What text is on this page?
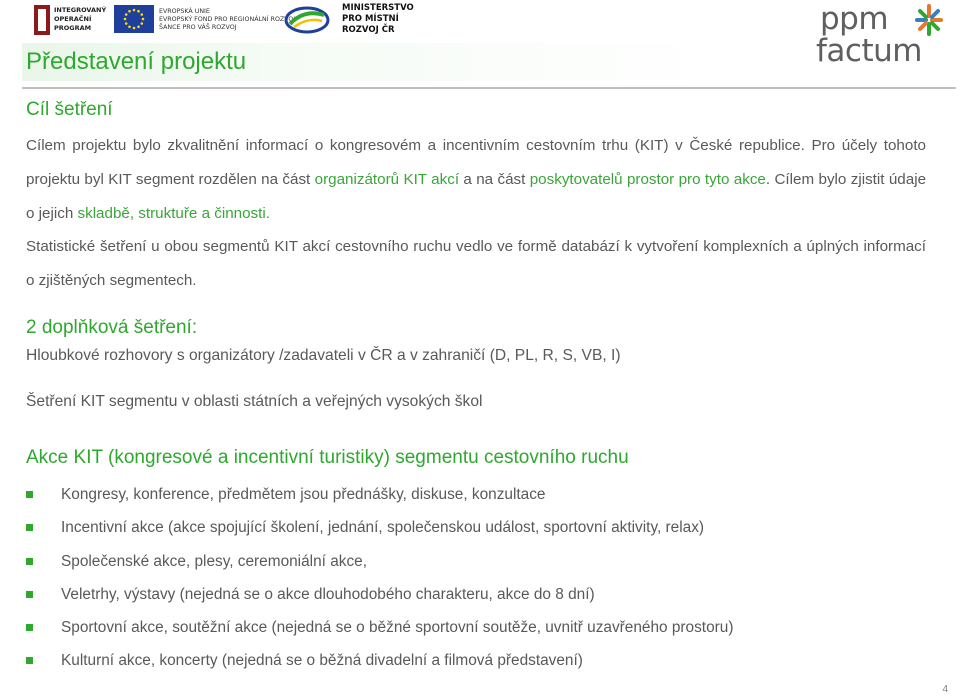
INTEGROVANÝ
OPERAČNÍ
PROGRAM
EVROPSKÁ UNIE
EVROPSKÝ FOND PRO REGIONÁLNÍ ROZVOJ
ŠANCE PRO VÁŠ ROZVOJ
MINISTERSTVO
PRO MÍSTNÍ
ROZVOJ ČR	ppm
factum
Představení projektu
Cíl šetření

Cílem projektu bylo zkvalitnění informací o kongresovém a incentivním cestovním trhu (KIT) v České republice. Pro účely tohoto projektu byl KIT segment rozdělen na část organizátorů KIT akcí a na část poskytovatelů prostor pro tyto akce. Cílem bylo zjistit údaje o jejich skladbě, struktuře a činnosti.

Statistické šetření u obou segmentů KIT akcí cestovního ruchu vedlo ve formě databází k vytvoření komplexních a úplných informací o zjištěných segmentech.

2 doplňková šetření:
Hloubkové rozhovory s organizátory /zadavateli v ČR a v zahraničí (D, PL, R, S, VB, I)
Šetření KIT segmentu v oblasti státních a veřejných vysokých škol
Akce KIT (kongresové a incentivní turistiky) segmentu cestovního ruchu
Kongresy, konference, předmětem jsou přednášky, diskuse, konzultace
Incentivní akce (akce spojující školení, jednání, společenskou událost, sportovní aktivity, relax)
Společenské akce, plesy, ceremoniální akce,
Veletrhy, výstavy (nejedná se o akce dlouhodobého charakteru, akce do 8 dní)
Sportovní akce, soutěžní akce (nejedná se o běžné sportovní soutěže, uvnitř uzavřeného prostoru)
Kulturní akce, koncerty (nejedná se o běžná divadelní a filmová představení)
4
